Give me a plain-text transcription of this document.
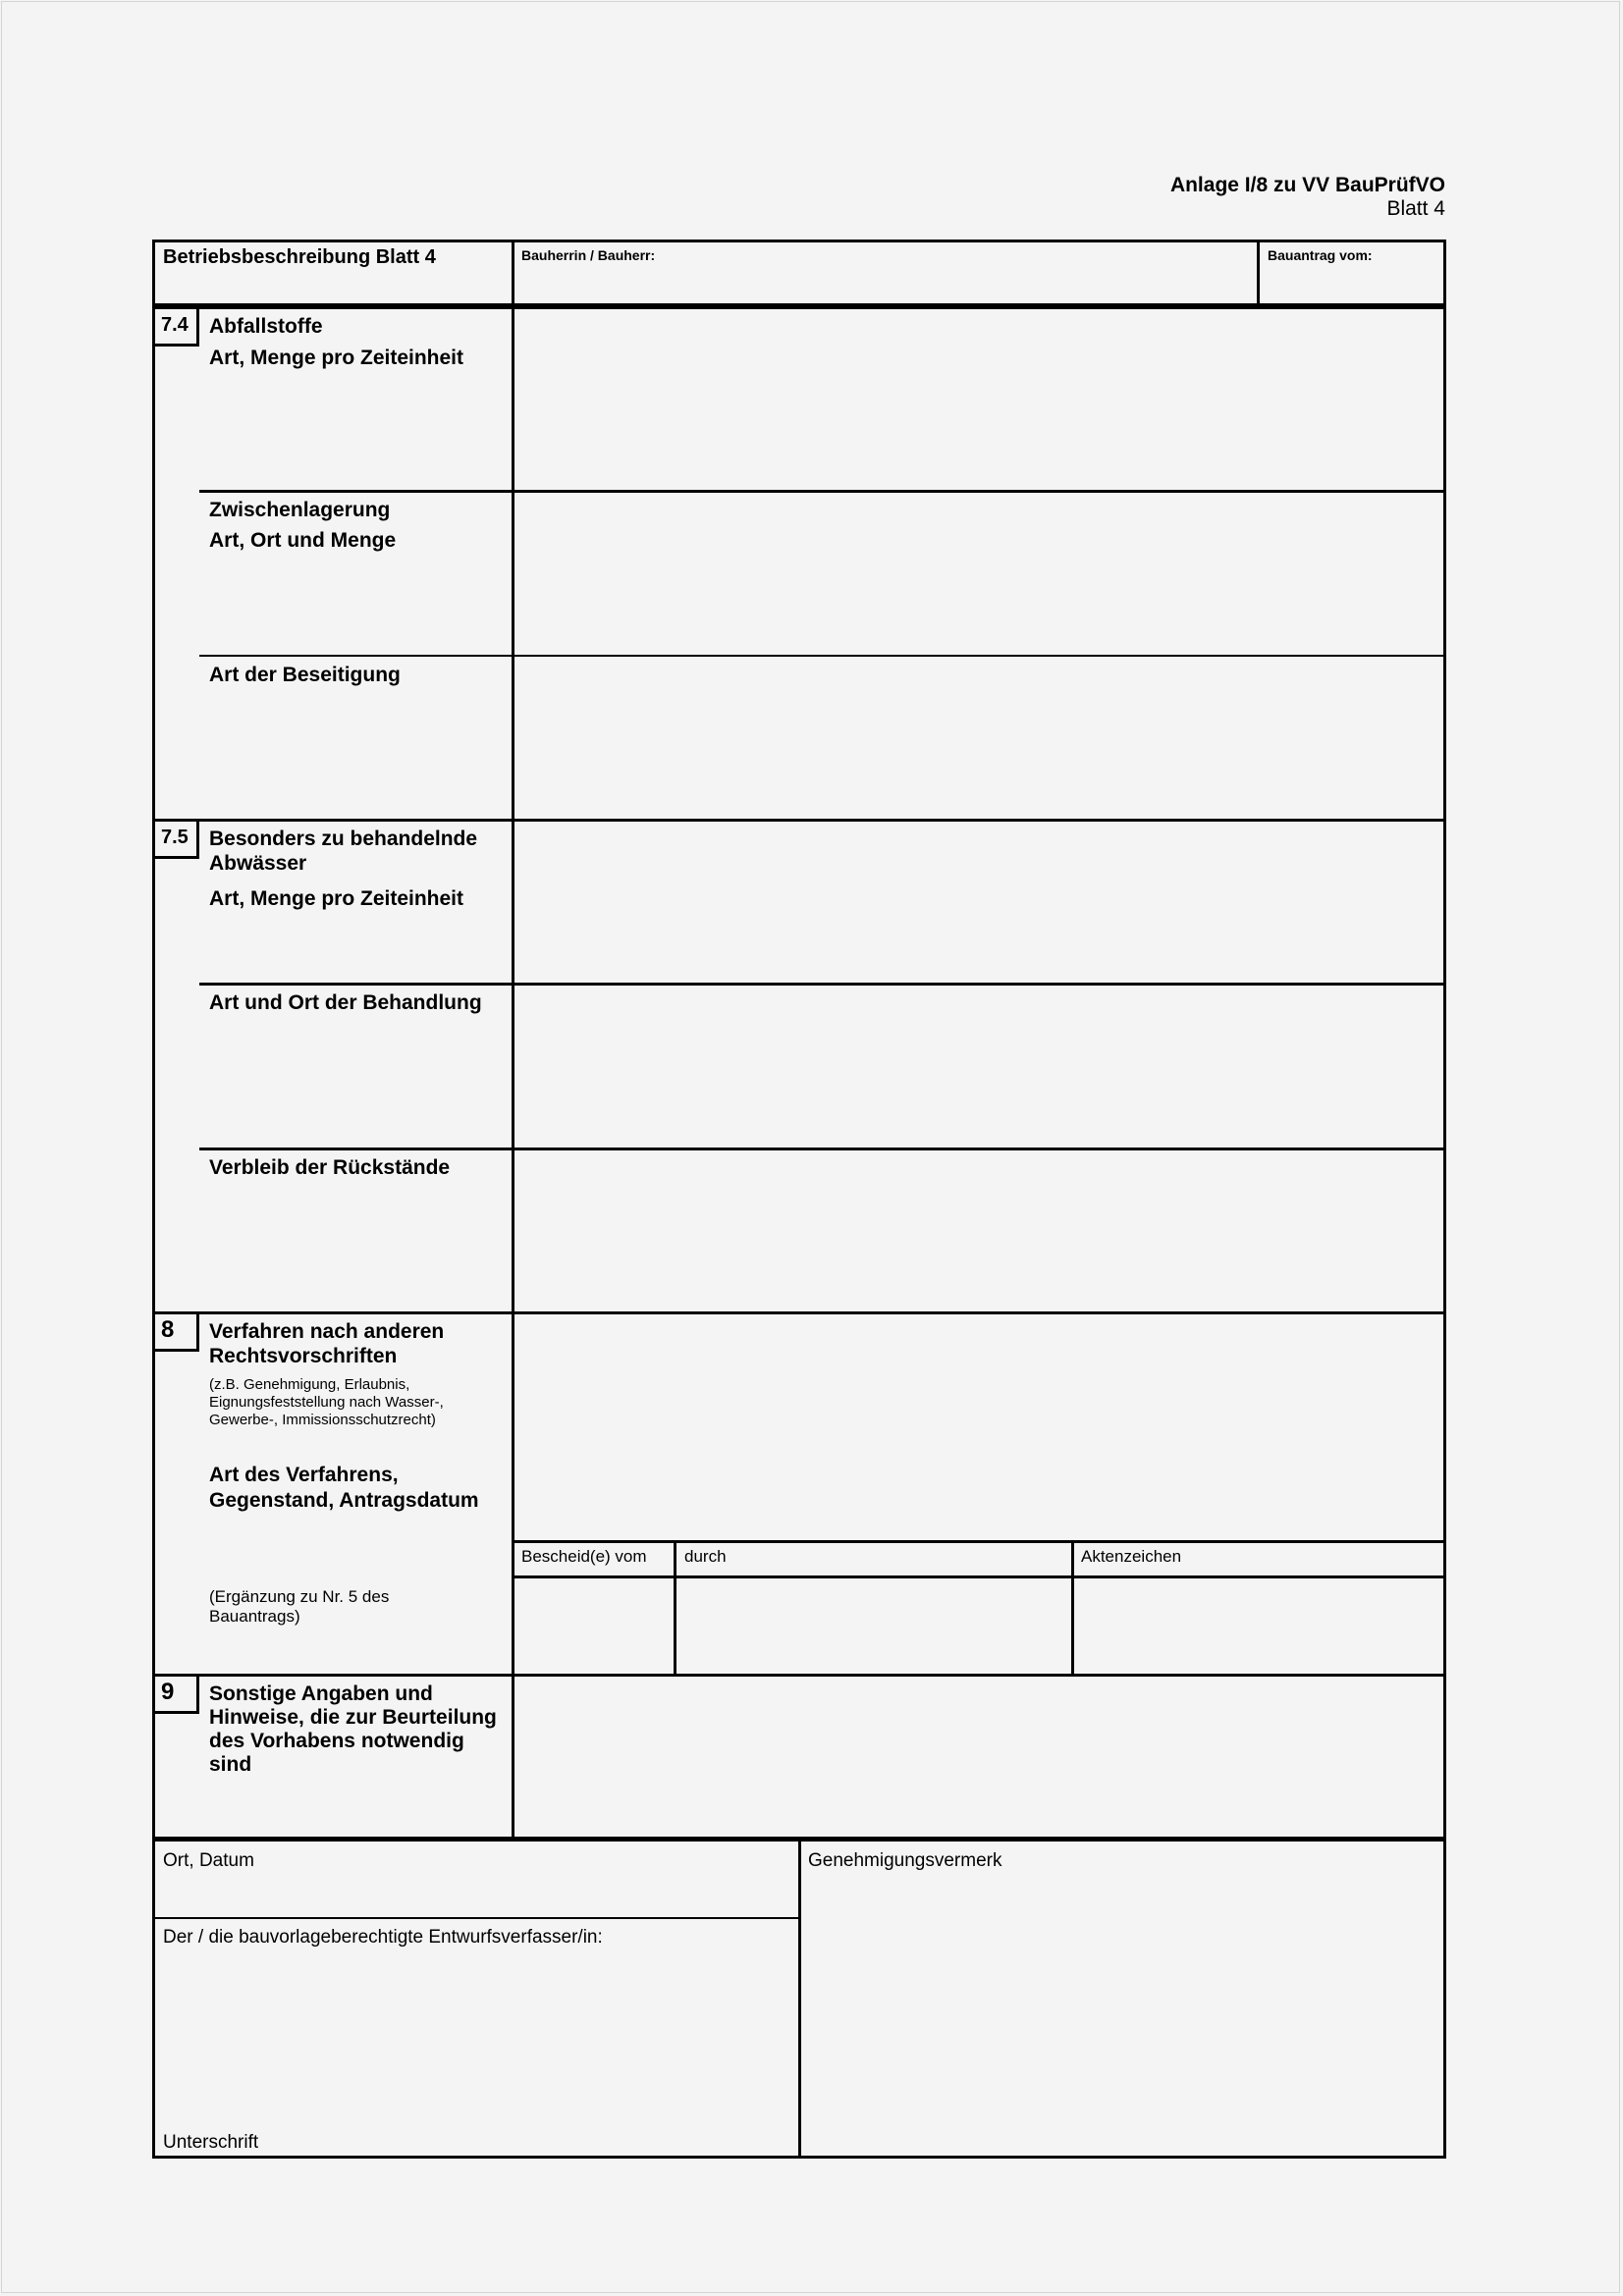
Anlage I/8 zu VV BauPrüfVO
Blatt 4
Betriebsbeschreibung Blatt 4	Bauherrin / Bauherr:	Bauantrag vom:
7.4	Abfallstoffe
Art, Menge pro Zeiteinheit
Zwischenlagerung
Art, Ort und Menge
Art der Beseitigung
7.5	Besonders zu behandelnde
Abwässer
Art, Menge pro Zeiteinheit
Art und Ort der Behandlung
Verbleib der Rückstände
8	Verfahren nach anderen
Rechtsvorschriften
(z.B. Genehmigung, Erlaubnis,
Eignungsfeststellung nach Wasser-,
Gewerbe-, Immissionsschutzrecht)
Art des Verfahrens,
Gegenstand, Antragsdatum
(Ergänzung zu Nr. 5 des
Bauantrags)
Bescheid(e) vom durch	Aktenzeichen
9	Sonstige Angaben und
Hinweise, die zur Beurteilung
des Vorhabens notwendig
sind
Ort, Datum
Der / die bauvorlageberechtigte Entwurfsverfasser/in:
Unterschrift
Genehmigungsvermerk
